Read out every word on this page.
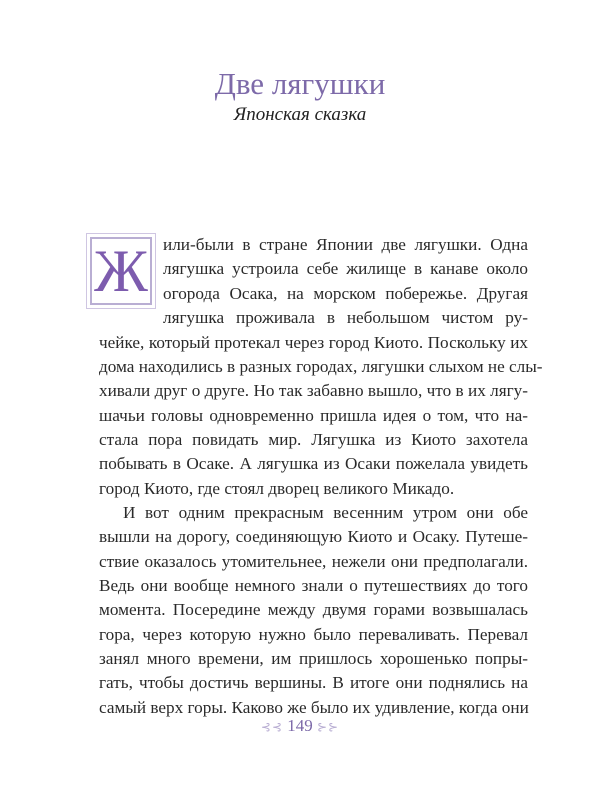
Две лягушки
Японская сказка
Ж или-были в стране Японии две лягушки. Одна
лягушка устроила себе жилище в канаве около
огорода Осака, на морском побережье. Другая
лягушка проживала в небольшом чистом ру-
чейке, который протекал через город Киото. Поскольку их
дома находились в разных городах, лягушки слыхом не слы-
хивали друг о друге. Но так забавно вышло, что в их лягу-
шачьи головы одновременно пришла идея о том, что на-
стала пора повидать мир. Лягушка из Киото захотела
побывать в Осаке. А лягушка из Осаки пожелала увидеть
город Киото, где стоял дворец великого Микадо.
И вот одним прекрасным весенним утром они обе
вышли на дорогу, соединяющую Киото и Осаку. Путеше-
ствие оказалось утомительнее, нежели они предполагали.
Ведь они вообще немного знали о путешествиях до того
момента. Посередине между двумя горами возвышалась
гора, через которую нужно было переваливать. Перевал
занял много времени, им пришлось хорошенько попры-
гать, чтобы достичь вершины. В итоге они поднялись на
самый верх горы. Каково же было их удивление, когда они
⊰⊰ 149 ⊱⊱
